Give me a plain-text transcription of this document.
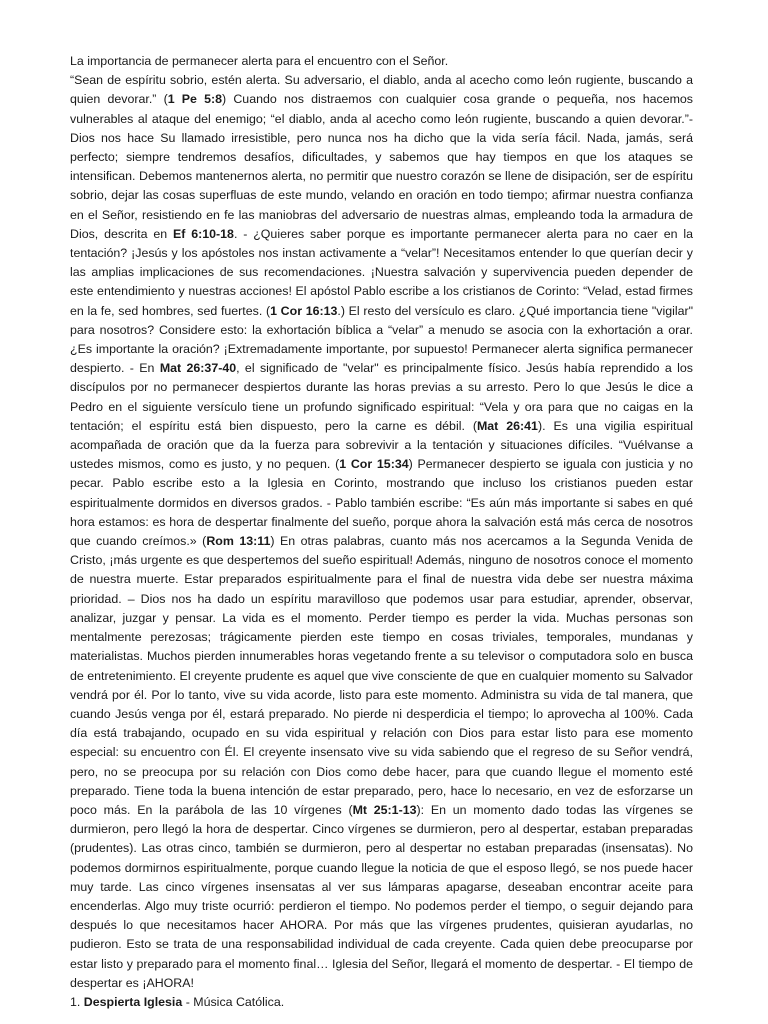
La importancia de permanecer alerta para el encuentro con el Señor.

“Sean de espíritu sobrio, estén alerta. Su adversario, el diablo, anda al acecho como león rugiente, buscando a quien devorar.” (1 Pe 5:8) Cuando nos distraemos con cualquier cosa grande o pequeña, nos hacemos vulnerables al ataque del enemigo; “el diablo, anda al acecho como león rugiente, buscando a quien devorar.”- Dios nos hace Su llamado irresistible, pero nunca nos ha dicho que la vida sería fácil. Nada, jamás, será perfecto; siempre tendremos desafíos, dificultades, y sabemos que hay tiempos en que los ataques se intensifican. Debemos mantenernos alerta, no permitir que nuestro corazón se llene de disipación, ser de espíritu sobrio, dejar las cosas superfluas de este mundo, velando en oración en todo tiempo; afirmar nuestra confianza en el Señor, resistiendo en fe las maniobras del adversario de nuestras almas, empleando toda la armadura de Dios, descrita en Ef 6:10-18. - ¿Quieres saber porque es importante permanecer alerta para no caer en la tentación? ¡Jesús y los apóstoles nos instan activamente a “velar”! Necesitamos entender lo que querían decir y las amplias implicaciones de sus recomendaciones. ¡Nuestra salvación y supervivencia pueden depender de este entendimiento y nuestras acciones! El apóstol Pablo escribe a los cristianos de Corinto: “Velad, estad firmes en la fe, sed hombres, sed fuertes. (1 Cor 16:13.) El resto del versículo es claro. ¿Qué importancia tiene "vigilar" para nosotros? Considere esto: la exhortación bíblica a “velar” a menudo se asocia con la exhortación a orar. ¿Es importante la oración? ¡Extremadamente importante, por supuesto! Permanecer alerta significa permanecer despierto. - En Mat 26:37-40, el significado de "velar" es principalmente físico. Jesús había reprendido a los discípulos por no permanecer despiertos durante las horas previas a su arresto. Pero lo que Jesús le dice a Pedro en el siguiente versículo tiene un profundo significado espiritual: “Vela y ora para que no caigas en la tentación; el espíritu está bien dispuesto, pero la carne es débil. (Mat 26:41). Es una vigilia espiritual acompañada de oración que da la fuerza para sobrevivir a la tentación y situaciones difíciles. “Vuélvanse a ustedes mismos, como es justo, y no pequen. (1 Cor 15:34) Permanecer despierto se iguala con justicia y no pecar. Pablo escribe esto a la Iglesia en Corinto, mostrando que incluso los cristianos pueden estar espiritualmente dormidos en diversos grados. - Pablo también escribe: “Es aún más importante si sabes en qué hora estamos: es hora de despertar finalmente del sueño, porque ahora la salvación está más cerca de nosotros que cuando creímos.» (Rom 13:11) En otras palabras, cuanto más nos acercamos a la Segunda Venida de Cristo, ¡más urgente es que despertemos del sueño espiritual! Además, ninguno de nosotros conoce el momento de nuestra muerte. Estar preparados espiritualmente para el final de nuestra vida debe ser nuestra máxima prioridad. – Dios nos ha dado un espíritu maravilloso que podemos usar para estudiar, aprender, observar, analizar, juzgar y pensar. La vida es el momento. Perder tiempo es perder la vida. Muchas personas son mentalmente perezosas; trágicamente pierden este tiempo en cosas triviales, temporales, mundanas y materialistas. Muchos pierden innumerables horas vegetando frente a su televisor o computadora solo en busca de entretenimiento. El creyente prudente es aquel que vive consciente de que en cualquier momento su Salvador vendrá por él. Por lo tanto, vive su vida acorde, listo para este momento. Administra su vida de tal manera, que cuando Jesús venga por él, estará preparado. No pierde ni desperdicia el tiempo; lo aprovecha al 100%. Cada día está trabajando, ocupado en su vida espiritual y relación con Dios para estar listo para ese momento especial: su encuentro con Él. El creyente insensato vive su vida sabiendo que el regreso de su Señor vendrá, pero, no se preocupa por su relación con Dios como debe hacer, para que cuando llegue el momento esté preparado. Tiene toda la buena intención de estar preparado, pero, hace lo necesario, en vez de esforzarse un poco más. En la parábola de las 10 vírgenes (Mt 25:1-13): En un momento dado todas las vírgenes se durmieron, pero llegó la hora de despertar. Cinco vírgenes se durmieron, pero al despertar, estaban preparadas (prudentes). Las otras cinco, también se durmieron, pero al despertar no estaban preparadas (insensatas). No podemos dormirnos espiritualmente, porque cuando llegue la noticia de que el esposo llegó, se nos puede hacer muy tarde. Las cinco vírgenes insensatas al ver sus lámparas apagarse, deseaban encontrar aceite para encenderlas. Algo muy triste ocurrió: perdieron el tiempo. No podemos perder el tiempo, o seguir dejando para después lo que necesitamos hacer AHORA. Por más que las vírgenes prudentes, quisieran ayudarlas, no pudieron. Esto se trata de una responsabilidad individual de cada creyente. Cada quien debe preocuparse por estar listo y preparado para el momento final… Iglesia del Señor, llegará el momento de despertar. - El tiempo de despertar es ¡AHORA!

1. Despierta Iglesia - Música Católica.
